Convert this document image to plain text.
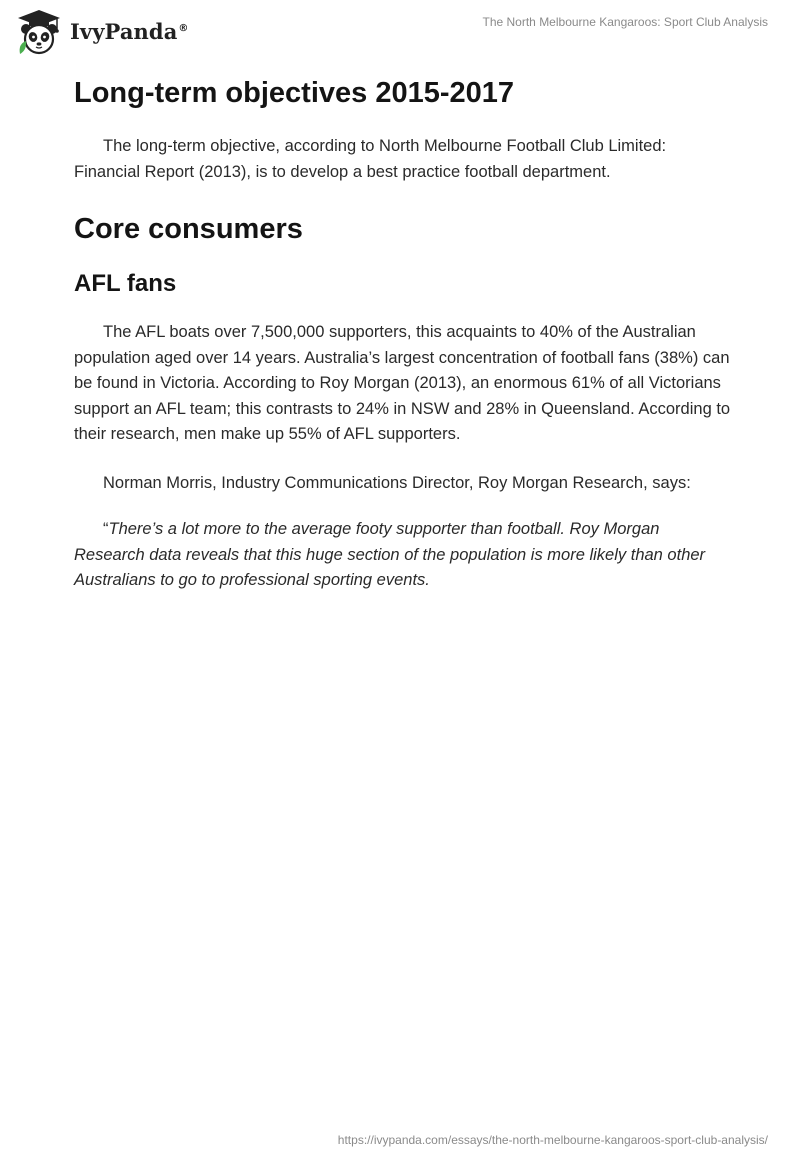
IvyPanda®	The North Melbourne Kangaroos: Sport Club Analysis
Long-term objectives 2015-2017

The long-term objective, according to North Melbourne Football Club Limited: Financial Report (2013), is to develop a best practice football department.

Core consumers
AFL fans

The AFL boats over 7,500,000 supporters, this acquaints to 40% of the Australian population aged over 14 years. Australia’s largest concentration of football fans (38%) can be found in Victoria. According to Roy Morgan (2013), an enormous 61% of all Victorians support an AFL team; this contrasts to 24% in NSW and 28% in Queensland. According to their research, men make up 55% of AFL supporters.

Norman Morris, Industry Communications Director, Roy Morgan Research, says:

“There’s a lot more to the average footy supporter than football. Roy Morgan Research data reveals that this huge section of the population is more likely than other Australians to go to professional sporting events.

https://ivypanda.com/essays/the-north-melbourne-kangaroos-sport-club-analysis/
